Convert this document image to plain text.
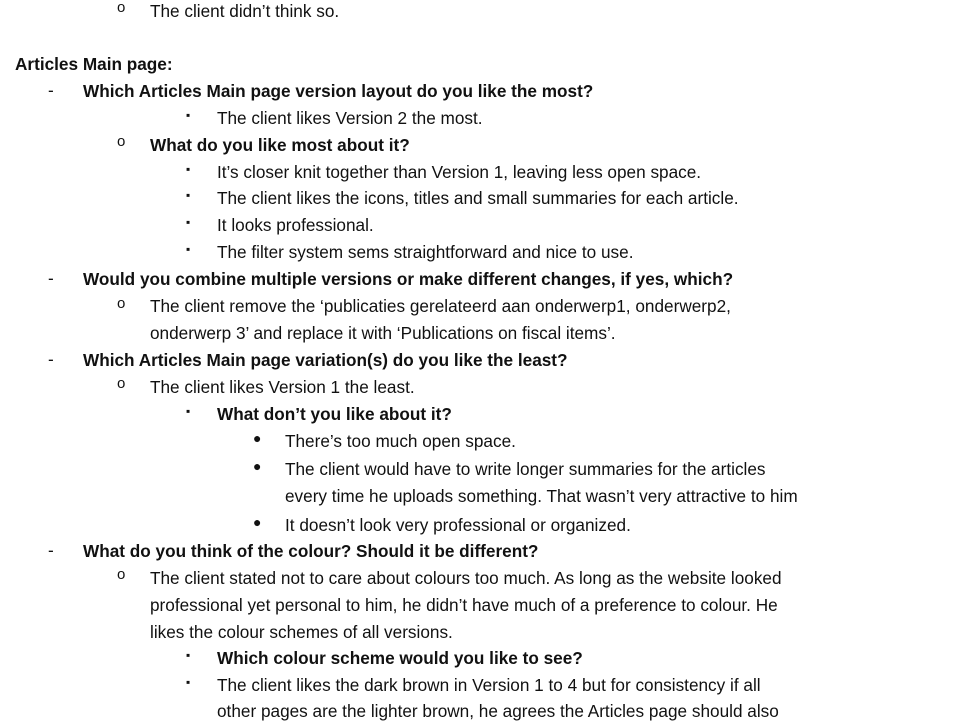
o The client didn’t think so.
Articles Main page:
- Which Articles Main page version layout do you like the most?
▪ The client likes Version 2 the most.
o What do you like most about it?
▪ It’s closer knit together than Version 1, leaving less open space.
▪ The client likes the icons, titles and small summaries for each article.
▪ It looks professional.
▪ The filter system sems straightforward and nice to use.
- Would you combine multiple versions or make different changes, if yes, which?
o The client remove the ‘publicaties gerelateerd aan onderwerp1, onderwerp2,
onderwerp 3’ and replace it with ‘Publications on fiscal items’.
- Which Articles Main page variation(s) do you like the least?
o The client likes Version 1 the least.
▪ What don’t you like about it?
● There’s too much open space.
● The client would have to write longer summaries for the articles
every time he uploads something. That wasn’t very attractive to him
● It doesn’t look very professional or organized.
- What do you think of the colour? Should it be different?
o The client stated not to care about colours too much. As long as the website looked
professional yet personal to him, he didn’t have much of a preference to colour. He
likes the colour schemes of all versions.
▪ Which colour scheme would you like to see?
▪ The client likes the dark brown in Version 1 to 4 but for consistency if all
other pages are the lighter brown, he agrees the Articles page should also
